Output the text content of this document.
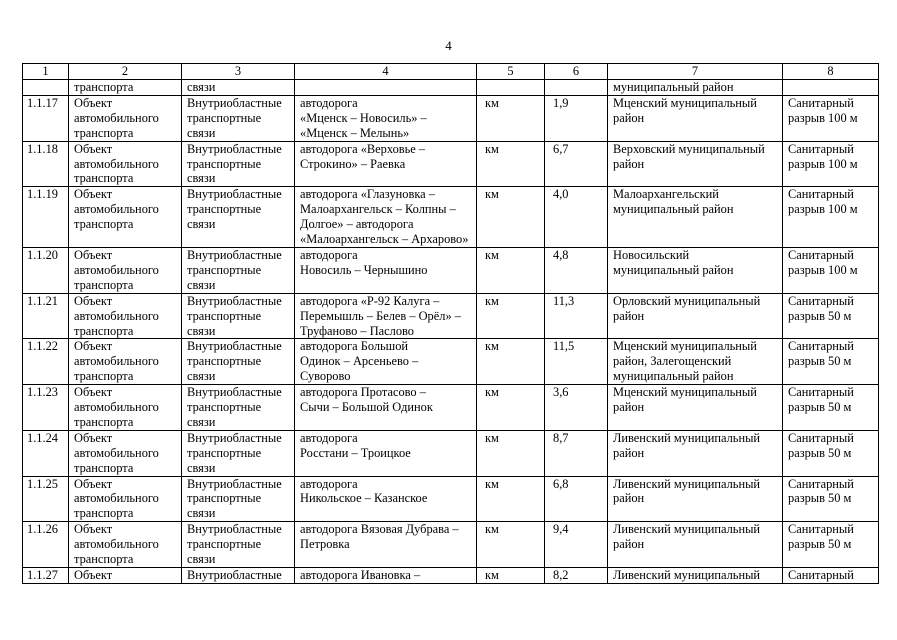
4
1	2	3	4	5	6	7	8
	транспорта	связи				муниципальный район	
1.1.17	Объект
автомобильного
транспорта	Внутриобластные
транспортные
связи	автодорога
«Мценск – Новосиль» –
«Мценск – Мелынь»	км	1,9	Мценский муниципальный
район	Санитарный
разрыв 100 м
1.1.18	Объект
автомобильного
транспорта	Внутриобластные
транспортные
связи	автодорога «Верховье –
Строкино» – Раевка	км	6,7	Верховский муниципальный
район	Санитарный
разрыв 100 м
1.1.19	Объект
автомобильного
транспорта	Внутриобластные
транспортные
связи	автодорога «Глазуновка –
Малоархангельск – Колпны –
Долгое» – автодорога
«Малоархангельск – Архарово»	км	4,0	Малоархангельский
муниципальный район	Санитарный
разрыв 100 м
1.1.20	Объект
автомобильного
транспорта	Внутриобластные
транспортные
связи	автодорога
Новосиль – Чернышино	км	4,8	Новосильский
муниципальный район	Санитарный
разрыв 100 м
1.1.21	Объект
автомобильного
транспорта	Внутриобластные
транспортные
связи	автодорога «Р-92 Калуга –
Перемышль – Белев – Орёл» –
Труфаново – Паслово	км	11,3	Орловский муниципальный
район	Санитарный
разрыв 50 м
1.1.22	Объект
автомобильного
транспорта	Внутриобластные
транспортные
связи	автодорога Большой
Одинок – Арсеньево –
Суворово	км	11,5	Мценский муниципальный
район, Залегощенский
муниципальный район	Санитарный
разрыв 50 м
1.1.23	Объект
автомобильного
транспорта	Внутриобластные
транспортные
связи	автодорога Протасово –
Сычи – Большой Одинок	км	3,6	Мценский муниципальный
район	Санитарный
разрыв 50 м
1.1.24	Объект
автомобильного
транспорта	Внутриобластные
транспортные
связи	автодорога
Росстани – Троицкое	км	8,7	Ливенский муниципальный
район	Санитарный
разрыв 50 м
1.1.25	Объект
автомобильного
транспорта	Внутриобластные
транспортные
связи	автодорога
Никольское – Казанское	км	6,8	Ливенский муниципальный
район	Санитарный
разрыв 50 м
1.1.26	Объект
автомобильного
транспорта	Внутриобластные
транспортные
связи	автодорога Вязовая Дубрава –
Петровка	км	9,4	Ливенский муниципальный
район	Санитарный
разрыв 50 м
1.1.27	Объект	Внутриобластные	автодорога Ивановка –	км	8,2	Ливенский муниципальный	Санитарный
